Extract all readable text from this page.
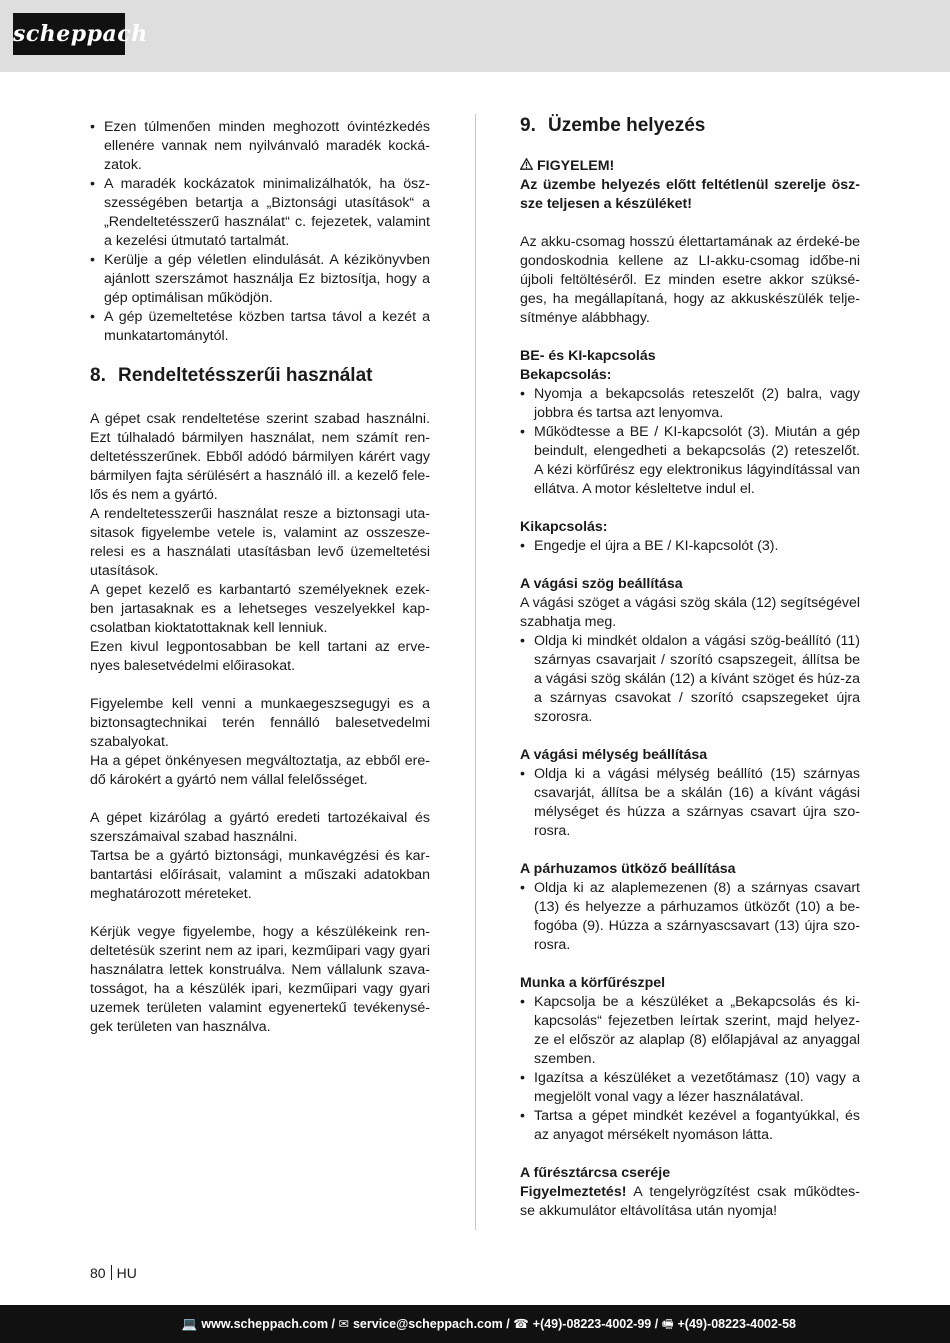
scheppach
• Ezen túlmenően minden meghozott óvintézkedés ellenére vannak nem nyilvánvaló maradék kocká-zatok.
• A maradék kockázatok minimalizálhatók, ha ösz-szességében betartja a „Biztonsági utasítások“ a „Rendeltetésszerű használat“ c. fejezetek, valamint a kezelési útmutató tartalmát.
• Kerülje a gép véletlen elindulását. A kézikönyvben ajánlott szerszámot használja Ez biztosítja, hogy a gép optimálisan működjön.
• A gép üzemeltetése közben tartsa távol a kezét a munkatartománytól.
8. Rendeltetésszerűi használat

A gépet csak rendeltetése szerint szabad használni. Ezt túlhaladó bármilyen használat, nem számít ren-deltetésszerűnek. Ebből adódó bármilyen kárért vagy bármilyen fajta sérülésért a használó ill. a kezelő fele-lős és nem a gyártó.

A rendeltetesszerűi használat resze a biztonsagi uta-sitasok figyelembe vetele is, valamint az osszesze-relesi es a használati utasításban levő üzemeltetési utasítások.

A gepet kezelő es karbantartó személyeknek ezek-ben jartasaknak es a lehetseges veszelyekkel kap-csolatban kioktatottaknak kell lenniuk.

Ezen kivul legpontosabban be kell tartani az erve-nyes balesetvédelmi előirasokat.

Figyelembe kell venni a munkaegeszsegugyi es a biztonsagtechnikai terén fennálló balesetvedelmi szabalyokat.

Ha a gépet önkényesen megváltoztatja, az ebből ere-dő károkért a gyártó nem vállal felelősséget.

A gépet kizárólag a gyártó eredeti tartozékaival és szerszámaival szabad használni.

Tartsa be a gyártó biztonsági, munkavégzési és kar-bantartási előírásait, valamint a műszaki adatokban meghatározott méreteket.

Kérjük vegye figyelembe, hogy a készülékeink ren-deltetésük szerint nem az ipari, kezműipari vagy gyari használatra lettek konstruálva. Nem vállalunk szava-tosságot, ha a készülék ipari, kezműipari vagy gyari uzemek területen valamint egyenertekű tevékenysé-gek területen van használva.

9. Üzembe helyezés
FIGYELEM!

Az üzembe helyezés előtt feltétlenül szerelje ösz-sze teljesen a készüléket!

Az akku-csomag hosszú élettartamának az érdeké-be gondoskodnia kellene az LI-akku-csomag időbe-ni újboli feltöltéséről. Ez minden esetre akkor szüksé-ges, ha megállapítaná, hogy az akkuskészülék telje-sítménye alábbhagy.

BE- és KI-kapcsolás
Bekapcsolás:
• Nyomja a bekapcsolás reteszelőt (2) balra, vagy jobbra és tartsa azt lenyomva.
• Működtesse a BE / KI-kapcsolót (3). Miután a gép beindult, elengedheti a bekapcsolás (2) reteszelőt. A kézi körfűrész egy elektronikus lágyindítással van ellátva. A motor késleltetve indul el.
Kikapcsolás:
• Engedje el újra a BE / KI-kapcsolót (3).
A vágási szög beállítása

A vágási szöget a vágási szög skála (12) segítségével szabhatja meg.

• Oldja ki mindkét oldalon a vágási szög-beállító (11) szárnyas csavarjait / szorító csapszegeit, állítsa be a vágási szög skálán (12) a kívánt szöget és húz-za a szárnyas csavokat / szorító csapszegeket újra szorosra.
A vágási mélység beállítása
• Oldja ki a vágási mélység beállító (15) szárnyas csavarját, állítsa be a skálán (16) a kívánt vágási mélységet és húzza a szárnyas csavart újra szo-rosra.
A párhuzamos ütköző beállítása
• Oldja ki az alaplemezenen (8) a szárnyas csavart (13) és helyezze a párhuzamos ütközőt (10) a be-fogóba (9). Húzza a szárnyascsavart (13) újra szo-rosra.
Munka a körfűrészpel
• Kapcsolja be a készüléket a „Bekapcsolás és ki-kapcsolás“ fejezetben leírtak szerint, majd helyez-ze el először az alaplap (8) előlapjával az anyaggal szemben.
• Igazítsa a készüléket a vezetőtámasz (10) vagy a megjelölt vonal vagy a lézer használatával.
• Tartsa a gépet mindkét kezével a fogantyúkkal, és az anyagot mérsékelt nyomáson látta.
A fűrésztárcsa cseréje

Figyelmeztetés! A tengelyrögzítést csak működtes-se akkumulátor eltávolítása után nyomja!

80 HU
💻 www.scheppach.com / ✉ service@scheppach.com / ☎ +(49)-08223-4002-99 / 🖷 +(49)-08223-4002-58
